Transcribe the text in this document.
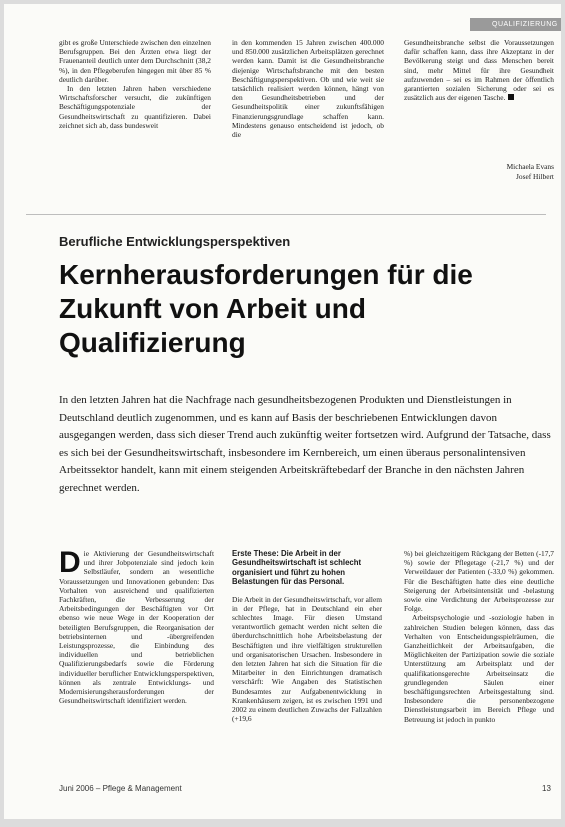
QUALIFIZIERUNG

gibt es große Unterschiede zwischen den einzelnen Berufsgruppen. Bei den Ärzten etwa liegt der Frauenanteil deutlich unter dem Durchschnitt (38,2 %), in den Pflegeberufen hingegen mit über 85 % deutlich darüber.

In den letzten Jahren haben verschiedene Wirtschaftsforscher versucht, die zukünftigen Beschäftigungspotenziale der Gesundheitswirtschaft zu quantifizieren. Dabei zeichnet sich ab, dass bundesweit

in den kommenden 15 Jahren zwischen 400.000 und 850.000 zusätzlichen Arbeitsplätzen gerechnet werden kann. Damit ist die Gesundheitsbranche diejenige Wirtschaftsbranche mit den besten Beschäftigungsperspektiven. Ob und wie weit sie tatsächlich realisiert werden können, hängt von den Gesundheitsbetrieben und der Gesundheitspolitik einer zukunftsfähigen Finanzierungsgrundlage schaffen kann. Mindestens genauso entscheidend ist jedoch, ob die

Gesundheitsbranche selbst die Voraussetzungen dafür schaffen kann, dass ihre Akzeptanz in der Bevölkerung steigt und dass Menschen bereit sind, mehr Mittel für ihre Gesundheit aufzuwenden – sei es im Rahmen der öffentlich garantierten sozialen Sicherung oder sei es zusätzlich aus der eigenen Tasche.

Michaela Evans
Josef Hilbert
Berufliche Entwicklungsperspektiven
Kernherausforderungen für die Zukunft von Arbeit und Qualifizierung

In den letzten Jahren hat die Nachfrage nach gesundheitsbezogenen Produkten und Dienstleistungen in Deutschland deutlich zugenommen, und es kann auf Basis der beschriebenen Entwicklungen davon ausgegangen werden, dass sich dieser Trend auch zukünftig weiter fortsetzen wird. Aufgrund der Tatsache, dass es sich bei der Gesundheitswirtschaft, insbesondere im Kernbereich, um einen überaus personalintensiven Arbeitssektor handelt, kann mit einem steigenden Arbeitskräftebedarf der Branche in den nächsten Jahren gerechnet werden.

Die Aktivierung der Gesundheitswirtschaft und ihrer Jobpotenziale sind jedoch kein Selbstläufer, sondern an wesentliche Voraussetzungen und Innovationen gebunden: Das Vorhalten von ausreichend und qualifizierten Fachkräften, die Verbesserung der Arbeitsbedingungen der Beschäftigten vor Ort ebenso wie neue Wege in der Kooperation der beteiligten Berufsgruppen, die Reorganisation der betriebsinternen und -übergreifenden Leistungsprozesse, die Einbindung des individuellen und betrieblichen Qualifizierungsbedarfs sowie die Förderung individueller beruflicher Entwicklungsperspektiven, können als zentrale Entwicklungs- und Modernisierungsherausforderungen der Gesundheitswirtschaft identifiziert werden.

Erste These: Die Arbeit in der Gesundheitswirtschaft ist schlecht organisiert und führt zu hohen Belastungen für das Personal.

Die Arbeit in der Gesundheitswirtschaft, vor allem in der Pflege, hat in Deutschland ein eher schlechtes Image. Für diesen Umstand verantwortlich gemacht werden nicht selten die überdurchschnittlich hohe Arbeitsbelastung der Beschäftigten und ihre vielfältigen strukturellen und organisatorischen Ursachen. Insbesondere in den letzten Jahren hat sich die Situation für die Mitarbeiter in den Einrichtungen dramatisch verschärft: Wie Angaben des Statistischen Bundesamtes zur Aufgabenentwicklung in Krankenhäusern zeigen, ist es zwischen 1991 und 2002 zu einem deutlichen Zuwachs der Fallzahlen (+19,6

%) bei gleichzeitigem Rückgang der Betten (-17,7 %) sowie der Pflegetage (-21,7 %) und der Verweildauer der Patienten (-33,0 %) gekommen. Für die Beschäftigten hatte dies eine deutliche Steigerung der Arbeitsintensität und -belastung sowie eine Verdichtung der Arbeitsprozesse zur Folge.

Arbeitspsychologie und -soziologie haben in zahlreichen Studien belegen können, dass das Verhalten von Entscheidungsspielräumen, die Ganzheitlichkeit der Arbeitsaufgaben, die Möglichkeiten der Partizipation sowie die soziale Unterstützung am Arbeitsplatz und der qualifikationsgerechte Arbeitseinsatz die grundlegenden Säulen einer beschäftigungsrechten Arbeitsgestaltung sind. Insbesondere die personenbezogene Dienstleistungsarbeit im Bereich Pflege und Betreuung ist jedoch in punkto

Juni 2006 – Pflege & Management	13
